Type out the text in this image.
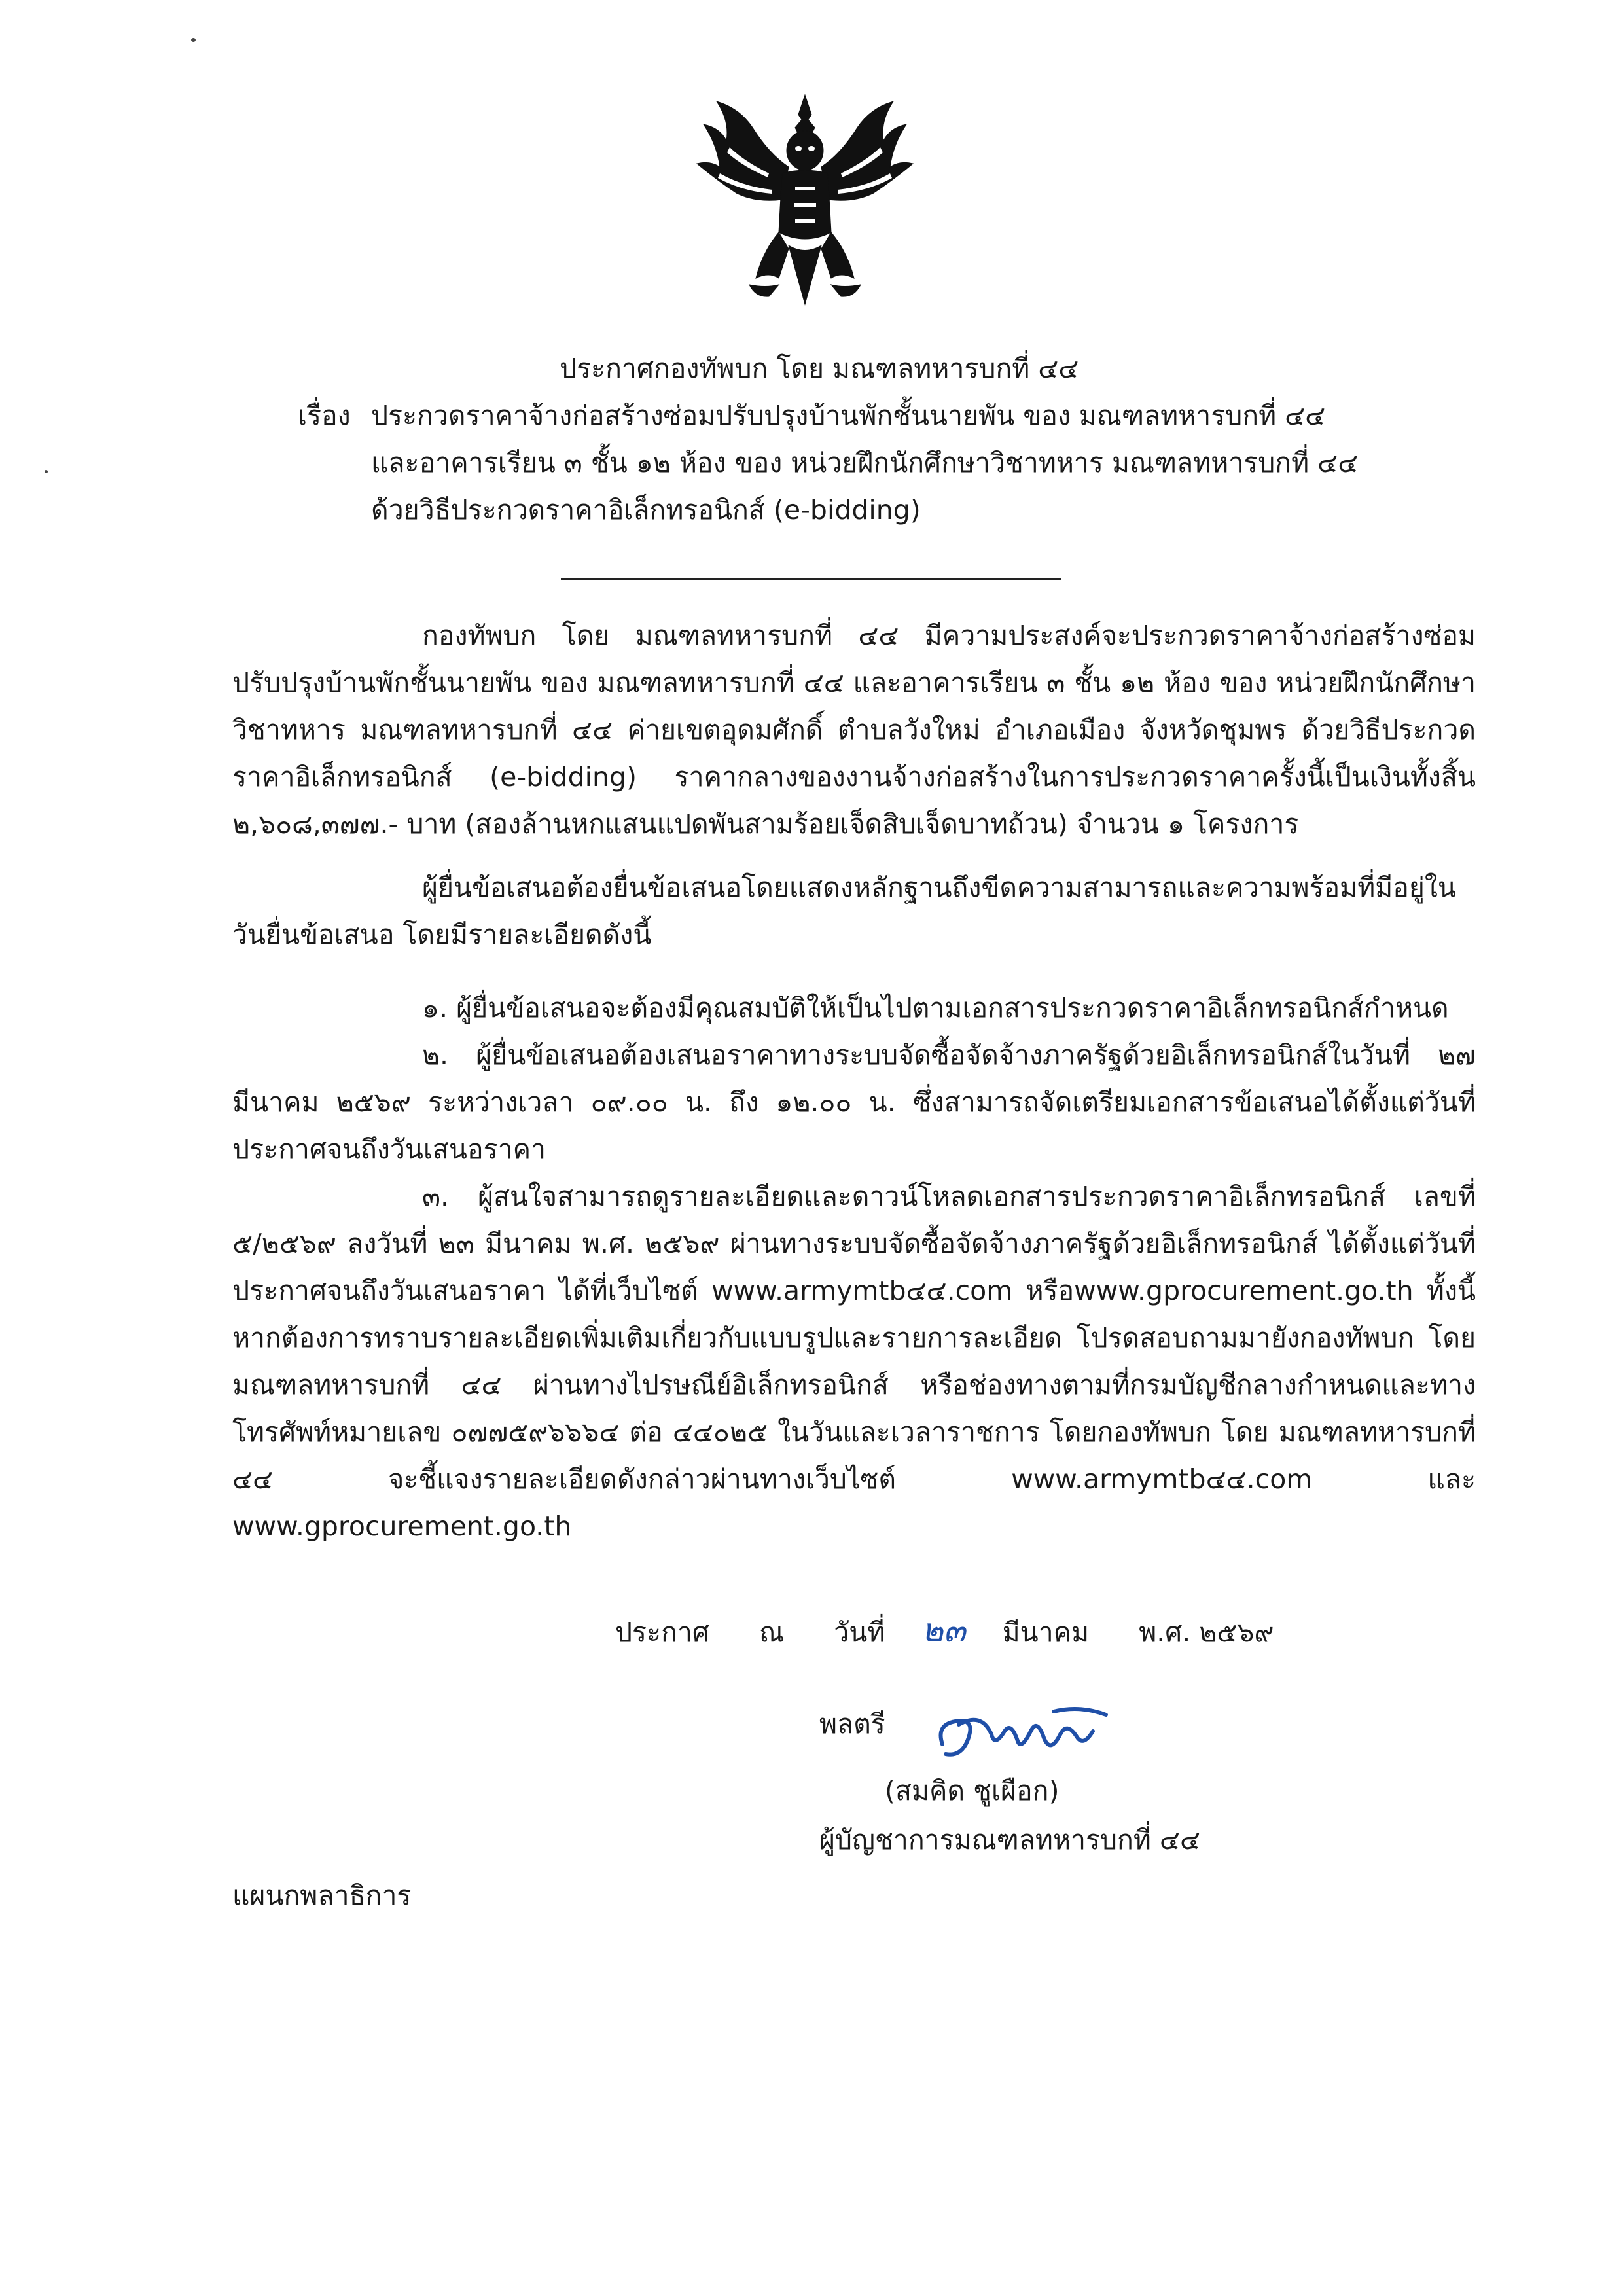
ประกาศกองทัพบก โดย มณฑลทหารบกที่ ๔๔
เรื่อง ประกวดราคาจ้างก่อสร้างซ่อมปรับปรุงบ้านพักชั้นนายพัน ของ มณฑลทหารบกที่ ๔๔
และอาคารเรียน ๓ ชั้น ๑๒ ห้อง ของ หน่วยฝึกนักศึกษาวิชาทหาร มณฑลทหารบกที่ ๔๔
ด้วยวิธีประกวดราคาอิเล็กทรอนิกส์ (e-bidding)

กองทัพบก โดย มณฑลทหารบกที่ ๔๔ มีความประสงค์จะประกวดราคาจ้างก่อสร้างซ่อมปรับปรุงบ้านพักชั้นนายพัน ของ มณฑลทหารบกที่ ๔๔ และอาคารเรียน ๓ ชั้น ๑๒ ห้อง ของ หน่วยฝึกนักศึกษาวิชาทหาร มณฑลทหารบกที่ ๔๔ ค่ายเขตอุดมศักดิ์ ตำบลวังใหม่ อำเภอเมือง จังหวัดชุมพร ด้วยวิธีประกวดราคาอิเล็กทรอนิกส์ (e-bidding) ราคากลางของงานจ้างก่อสร้างในการประกวดราคาครั้งนี้เป็นเงินทั้งสิ้น ๒,๖๐๘,๓๗๗.- บาท (สองล้านหกแสนแปดพันสามร้อยเจ็ดสิบเจ็ดบาทถ้วน) จำนวน ๑ โครงการ

ผู้ยื่นข้อเสนอต้องยื่นข้อเสนอโดยแสดงหลักฐานถึงขีดความสามารถและความพร้อมที่มีอยู่ในวันยื่นข้อเสนอ โดยมีรายละเอียดดังนี้

๑. ผู้ยื่นข้อเสนอจะต้องมีคุณสมบัติให้เป็นไปตามเอกสารประกวดราคาอิเล็กทรอนิกส์กำหนด

๒. ผู้ยื่นข้อเสนอต้องเสนอราคาทางระบบจัดซื้อจัดจ้างภาครัฐด้วยอิเล็กทรอนิกส์ในวันที่ ๒๗ มีนาคม ๒๕๖๙ ระหว่างเวลา ๐๙.๐๐ น. ถึง ๑๒.๐๐ น. ซึ่งสามารถจัดเตรียมเอกสารข้อเสนอได้ตั้งแต่วันที่ประกาศจนถึงวันเสนอราคา

๓. ผู้สนใจสามารถดูรายละเอียดและดาวน์โหลดเอกสารประกวดราคาอิเล็กทรอนิกส์ เลขที่ ๕/๒๕๖๙ ลงวันที่ ๒๓ มีนาคม พ.ศ. ๒๕๖๙ ผ่านทางระบบจัดซื้อจัดจ้างภาครัฐด้วยอิเล็กทรอนิกส์ ได้ตั้งแต่วันที่ ประกาศจนถึงวันเสนอราคา ได้ที่เว็บไซต์ www.armymtb๔๔.com หรือwww.gprocurement.go.th ทั้งนี้ หากต้องการทราบรายละเอียดเพิ่มเติมเกี่ยวกับแบบรูปและรายการละเอียด โปรดสอบถามมายังกองทัพบก โดย มณฑลทหารบกที่ ๔๔ ผ่านทางไปรษณีย์อิเล็กทรอนิกส์ หรือช่องทางตามที่กรมบัญชีกลางกำหนดและทางโทรศัพท์หมายเลข ๐๗๗๕๙๖๖๖๔ ต่อ ๔๔๐๒๕ ในวันและเวลาราชการ โดยกองทัพบก โดย มณฑลทหารบกที่ ๔๔ จะชี้แจงรายละเอียดดังกล่าวผ่านทางเว็บไซต์ www.armymtb๔๔.com และ www.gprocurement.go.th

ประกาศ ณ วันที่ ๒๓ มีนาคม พ.ศ. ๒๕๖๙
พลตรี
(สมคิด ชูเผือก)
ผู้บัญชาการมณฑลทหารบกที่ ๔๔
แผนกพลาธิการ
